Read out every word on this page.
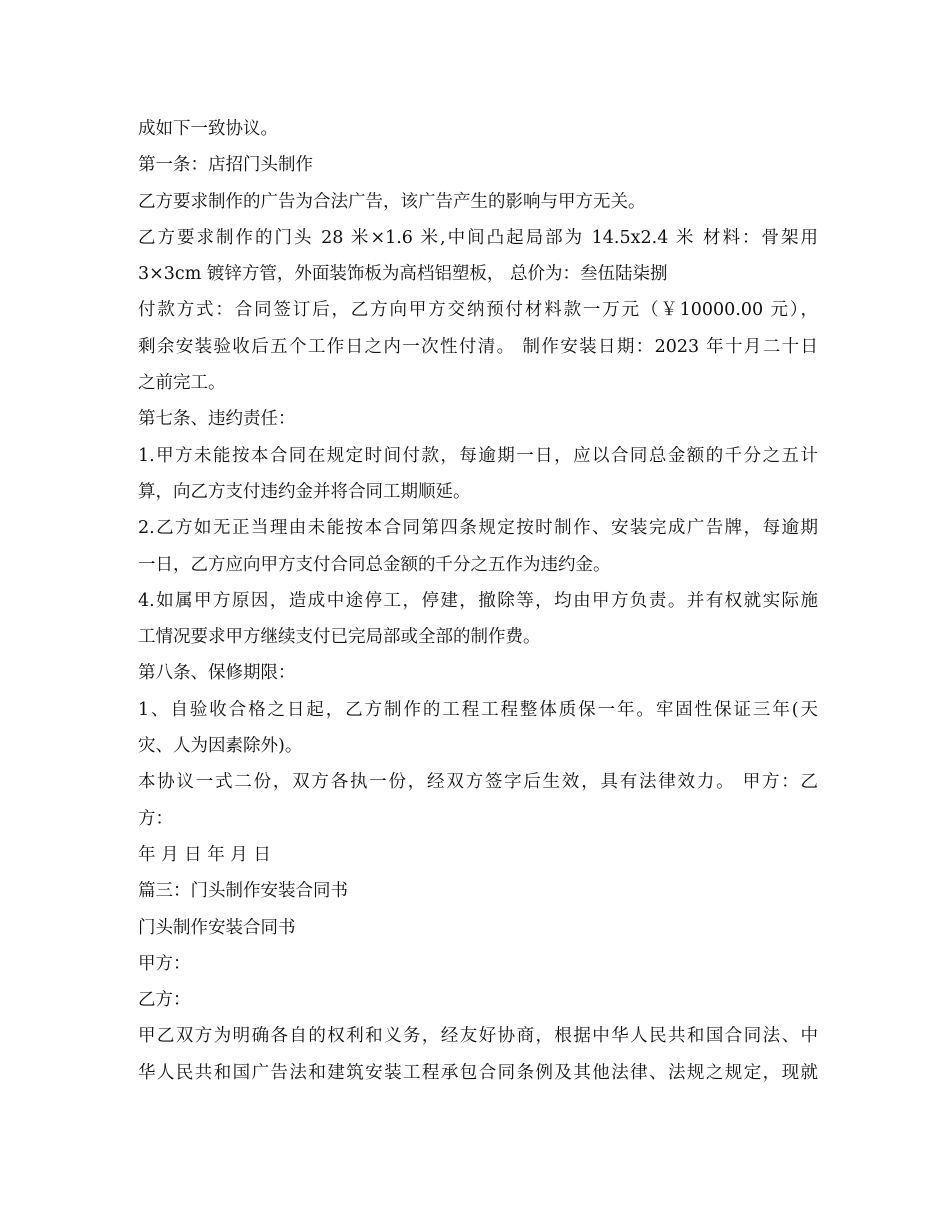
成如下一致协议。
第一条：店招门头制作
乙方要求制作的广告为合法广告，该广告产生的影响与甲方无关。
乙方要求制作的门头 28 米×1.6 米,中间凸起局部为 14.5x2.4 米 材料：骨架用
3×3cm 镀锌方管，外面装饰板为高档铝塑板， 总价为：叁伍陆柒捌
付款方式：合同签订后，乙方向甲方交纳预付材料款一万元（￥10000.00 元），
剩余安装验收后五个工作日之内一次性付清。 制作安装日期：2023 年十月二十日
之前完工。
第七条、违约责任：
1.甲方未能按本合同在规定时间付款，每逾期一日，应以合同总金额的千分之五计
算，向乙方支付违约金并将合同工期顺延。
2.乙方如无正当理由未能按本合同第四条规定按时制作、安装完成广告牌，每逾期
一日，乙方应向甲方支付合同总金额的千分之五作为违约金。
4.如属甲方原因，造成中途停工，停建，撤除等，均由甲方负责。并有权就实际施
工情况要求甲方继续支付已完局部或全部的制作费。
第八条、保修期限：
1、自验收合格之日起，乙方制作的工程工程整体质保一年。牢固性保证三年(天
灾、人为因素除外)。
本协议一式二份，双方各执一份，经双方签字后生效，具有法律效力。 甲方：乙
方：
年 月 日 年 月 日
篇三：门头制作安装合同书
门头制作安装合同书
甲方：
乙方：
甲乙双方为明确各自的权利和义务，经友好协商，根据中华人民共和国合同法、中
华人民共和国广告法和建筑安装工程承包合同条例及其他法律、法规之规定，现就
